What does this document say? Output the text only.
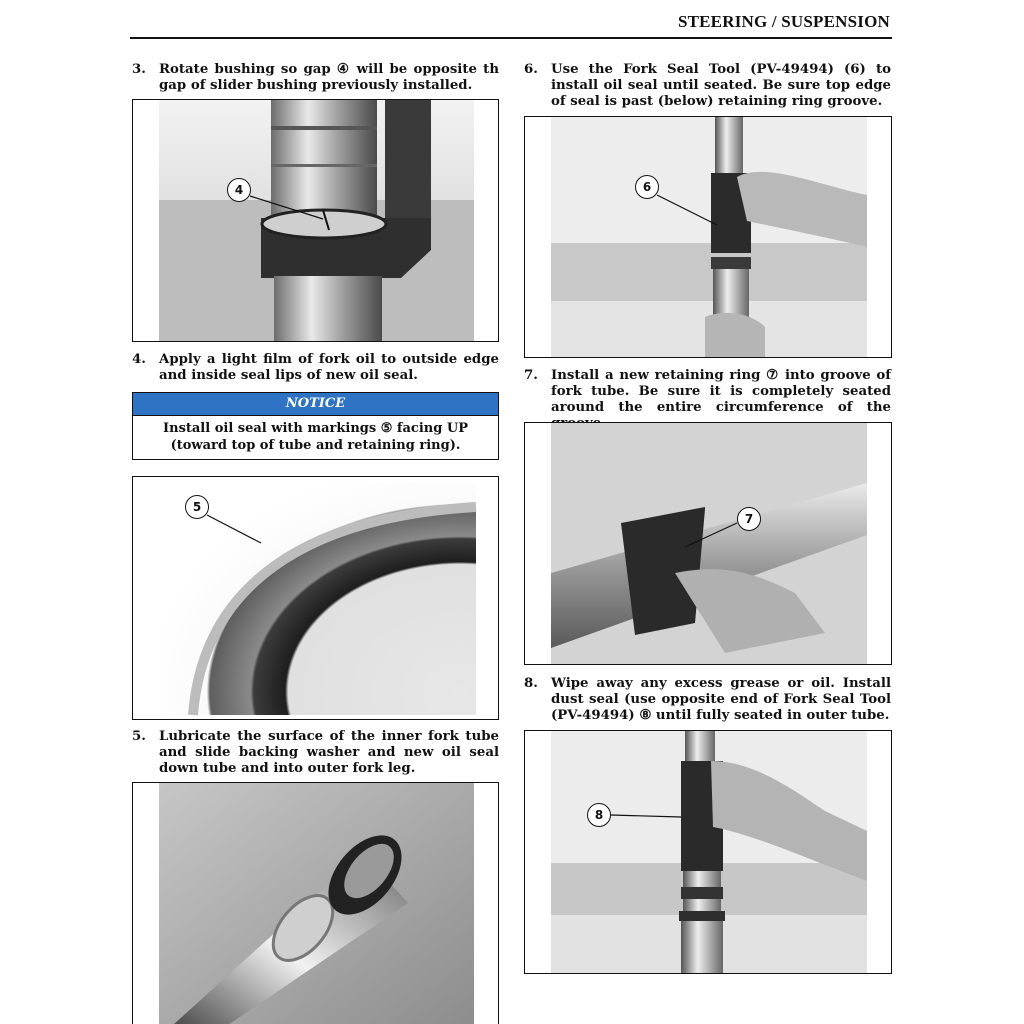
STEERING / SUSPENSION
3. Rotate bushing so gap ④ will be opposite th gap of slider bushing previously installed.
4
4. Apply a light film of fork oil to outside edge and inside seal lips of new oil seal.
NOTICE
Install oil seal with markings ⑤ facing UP (toward top of tube and retaining ring).
5
5. Lubricate the surface of the inner fork tube and slide backing washer and new oil seal down tube and into outer fork leg.
6. Use the Fork Seal Tool (PV-49494) (6) to install oil seal until seated. Be sure top edge of seal is past (below) retaining ring groove.
6
7. Install a new retaining ring ⑦ into groove of fork tube. Be sure it is completely seated around the entire circumference of the
7
8. Wipe away any excess grease or oil. Install dust seal (use opposite end of Fork Seal Tool (PV-49494) ⑧ until fully seated in outer tube.
8
